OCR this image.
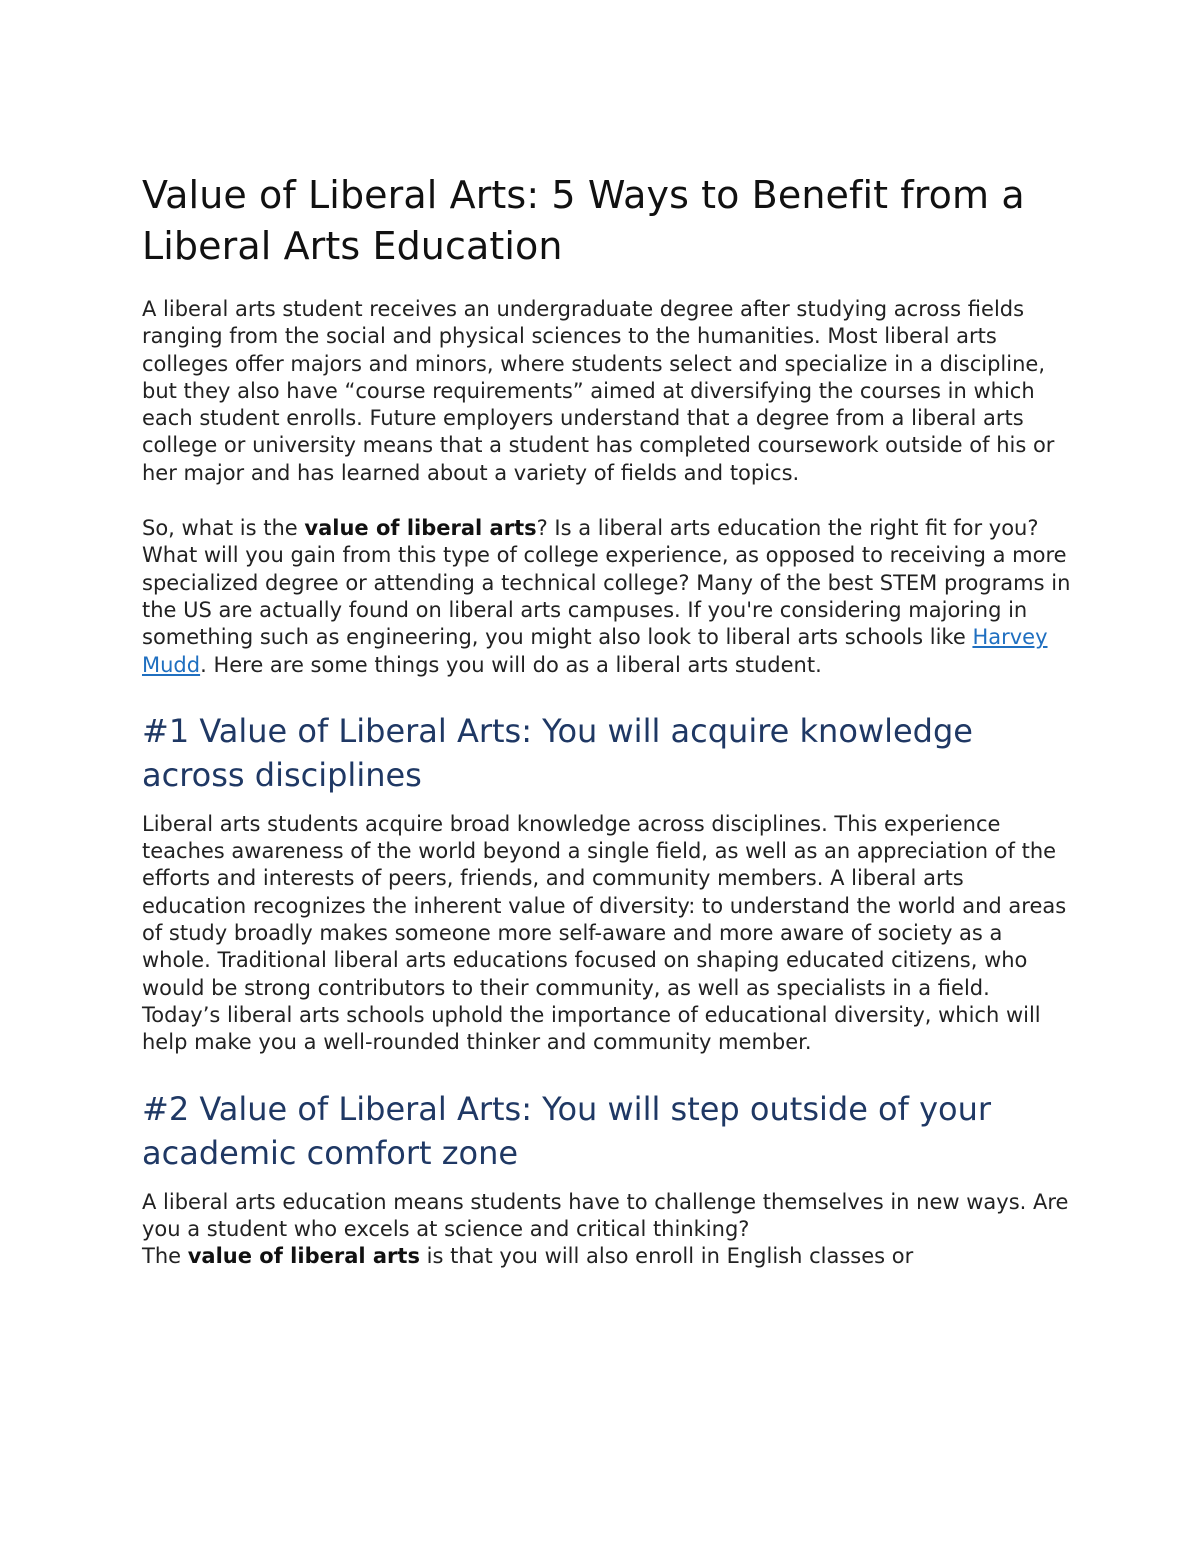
Value of Liberal Arts: 5 Ways to Benefit from a Liberal Arts Education

A liberal arts student receives an undergraduate degree after studying across fields ranging from the social and physical sciences to the humanities. Most liberal arts colleges offer majors and minors, where students select and specialize in a discipline, but they also have “course requirements” aimed at diversifying the courses in which each student enrolls. Future employers understand that a degree from a liberal arts college or university means that a student has completed coursework outside of his or her major and has learned about a variety of fields and topics.

So, what is the value of liberal arts? Is a liberal arts education the right fit for you? What will you gain from this type of college experience, as opposed to receiving a more specialized degree or attending a technical college? Many of the best STEM programs in the US are actually found on liberal arts campuses. If you're considering majoring in something such as engineering, you might also look to liberal arts schools like Harvey Mudd. Here are some things you will do as a liberal arts student.

#1 Value of Liberal Arts: You will acquire knowledge across disciplines

Liberal arts students acquire broad knowledge across disciplines. This experience teaches awareness of the world beyond a single field, as well as an appreciation of the efforts and interests of peers, friends, and community members. A liberal arts education recognizes the inherent value of diversity: to understand the world and areas of study broadly makes someone more self-aware and more aware of society as a whole. Traditional liberal arts educations focused on shaping educated citizens, who would be strong contributors to their community, as well as specialists in a field. Today’s liberal arts schools uphold the importance of educational diversity, which will help make you a well-rounded thinker and community member.

#2 Value of Liberal Arts: You will step outside of your academic comfort zone

A liberal arts education means students have to challenge themselves in new ways. Are you a student who excels at science and critical thinking?
The value of liberal arts is that you will also enroll in English classes or
